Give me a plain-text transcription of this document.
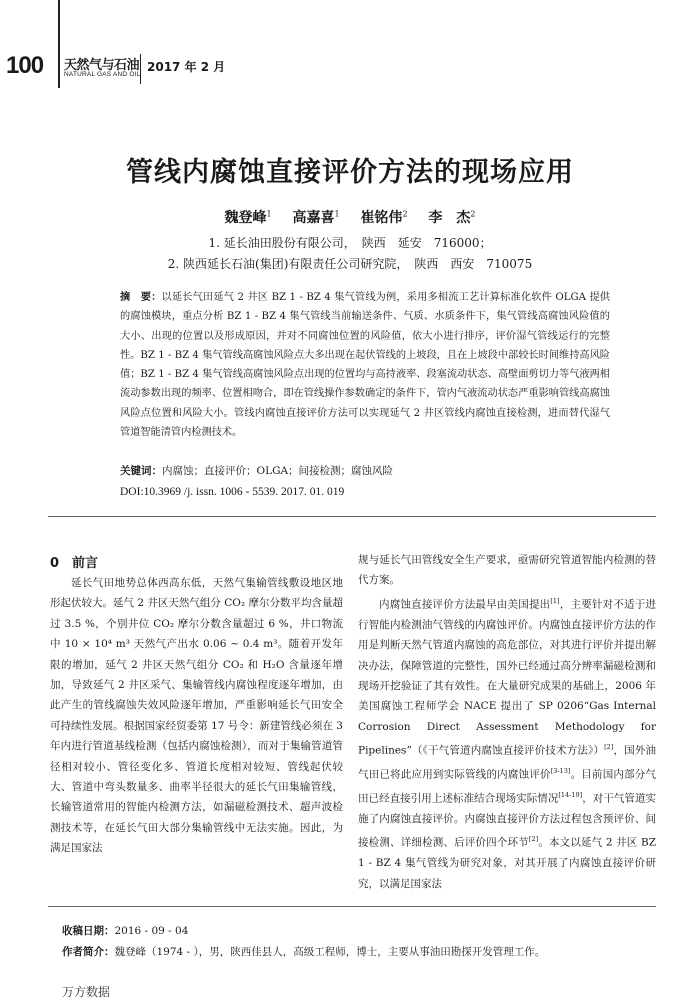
100 天然气与石油
NATURAL GAS AND OIL
2017 年 2 月
管线内腐蚀直接评价方法的现场应用
魏登峰$^1$ 高嘉喜$^1$ 崔铭伟$^2$ 李　杰$^2$
1. 延长油田股份有限公司，　陕西　延安　716000；
2. 陕西延长石油(集团)有限责任公司研究院，　陕西　西安　710075
摘　要：以延长气田延气 2 井区 BZ 1 - BZ 4 集气管线为例，采用多相流工艺计算标准化软件 OLGA 提供的腐蚀模块，重点分析 BZ 1 - BZ 4 集气管线当前输送条件、气质、水质条件下，集气管线高腐蚀风险值的大小、出现的位置以及形成原因，并对不同腐蚀位置的风险值，依大小进行排序，评价湿气管线运行的完整性。BZ 1 - BZ 4 集气管线高腐蚀风险点大多出现在起伏管线的上坡段，且在上坡段中部较长时间维持高风险值；BZ 1 - BZ 4 集气管线高腐蚀风险点出现的位置均与高持液率、段塞流动状态、高壁面剪切力等气液两相流动参数出现的频率、位置相吻合，即在管线操作参数确定的条件下，管内气液流动状态严重影响管线高腐蚀风险点位置和风险大小。管线内腐蚀直接评价方法可以实现延气 2 井区管线内腐蚀直接检测，进而替代湿气管道智能清管内检测技术。
关键词：内腐蚀；直接评价；OLGA；间接检测；腐蚀风险
DOI:10.3969 /j. issn. 1006 - 5539. 2017. 01. 019
0　前言
延长气田地势总体西高东低，天然气集输管线敷设地区地形起伏较大。延气 2 井区天然气组分 CO₂ 摩尔分数平均含量超过 3.5 %，个别井位 CO₂ 摩尔分数含量超过 6 %，井口物流中 10 × 10⁴ m³ 天然气产出水 0.06 ~ 0.4 m³。随着开发年限的增加，延气 2 井区天然气组分 CO₂ 和 H₂O 含量逐年增加，导致延气 2 井区采气、集输管线内腐蚀程度逐年增加，由此产生的管线腐蚀失效风险逐年增加，严重影响延长气田安全可持续性发展。根据国家经贸委第 17 号令：新建管线必须在 3 年内进行管道基线检测（包括内腐蚀检测），而对于集输管道管径相对较小、管径变化多、管道长度相对较短、管线起伏较大、管道中弯头数量多、曲率半径很大的延长气田集输管线，长输管道常用的智能内检测方法，如漏磁检测技术、超声波检测技术等，在延长气田大部分集输管线中无法实施。因此，为满足国家法

规与延长气田管线安全生产要求，亟需研究管道智能内检测的替代方案。

内腐蚀直接评价方法最早由美国提出[1]，主要针对不适于进行智能内检测油气管线的内腐蚀评价。内腐蚀直接评价方法的作用是判断天然气管道内腐蚀的高危部位，对其进行评价并提出解决办法，保障管道的完整性，国外已经通过高分辨率漏磁检测和现场开挖验证了其有效性。在大量研究成果的基础上，2006 年美国腐蚀工程师学会 NACE 提出了 SP 0206“Gas Internal Corrosion Direct Assessment Methodology for Pipelines”（《干气管道内腐蚀直接评价技术方法》）[2]，国外油气田已将此应用到实际管线的内腐蚀评价[3-13]。目前国内部分气田已经直接引用上述标准结合现场实际情况[14-19]，对干气管道实施了内腐蚀直接评价。内腐蚀直接评价方法过程包含预评价、间接检测、详细检测、后评价四个环节[2]。本文以延气 2 井区 BZ 1 - BZ 4 集气管线为研究对象，对其开展了内腐蚀直接评价研究，以满足国家法

收稿日期：2016 - 09 - 04
作者简介：魏登峰（1974 - ），男，陕西佳县人，高级工程师，博士，主要从事油田勘探开发管理工作。
万方数据
